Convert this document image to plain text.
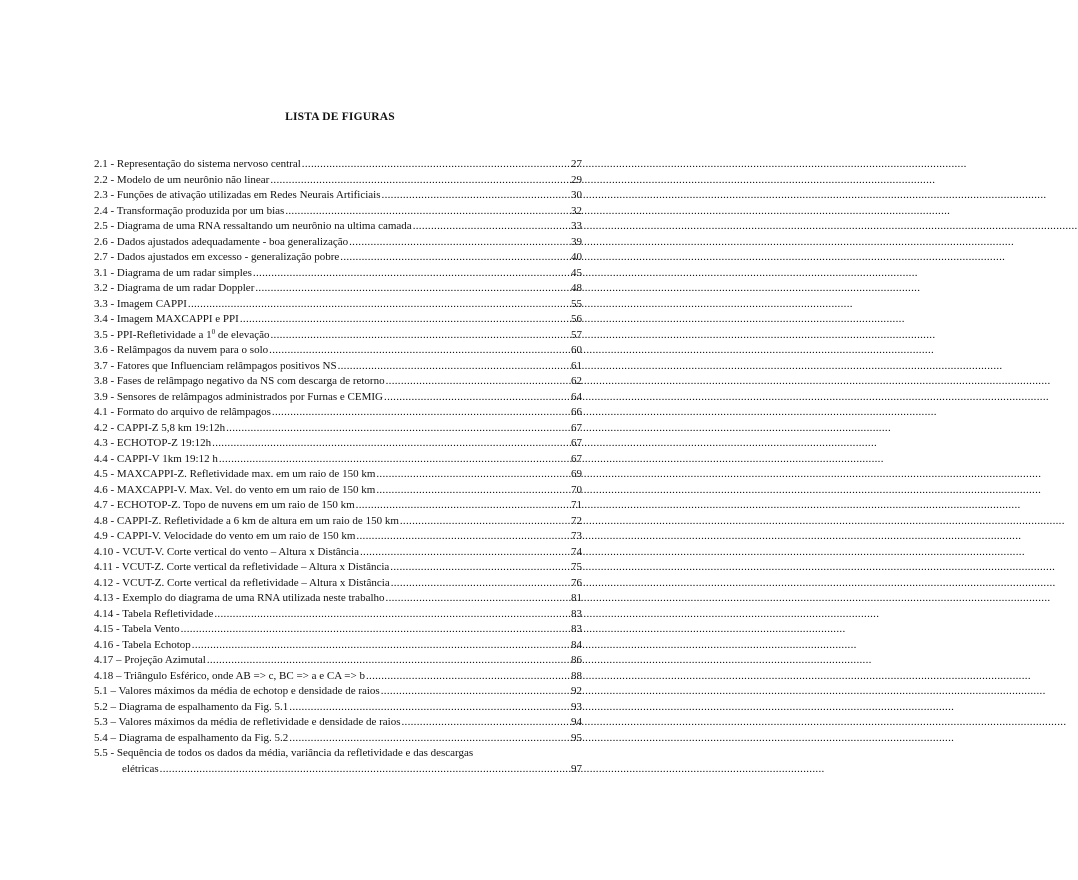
LISTA DE FIGURAS
2.1 - Representação do sistema nervoso central .....	27
2.2 - Modelo de um neurônio não linear .....	29
2.3 - Funções de ativação utilizadas em Redes Neurais Artificiais .....	30
2.4 - Transformação produzida por um bias .....	32
2.5 - Diagrama de uma RNA ressaltando um neurônio na ultima camada .....	33
2.6 - Dados ajustados adequadamente - boa generalização .....	39
2.7 - Dados ajustados em excesso - generalização pobre .....	40
3.1 - Diagrama de um radar simples .....	45
3.2 - Diagrama de um radar Doppler .....	48
3.3 - Imagem CAPPI .....	55
3.4 - Imagem MAXCAPPI e PPI .....	56
3.5 - PPI-Refletividade a $1^0$ de elevação .....	57
3.6 - Relâmpagos da nuvem para o solo .....	60
3.7 - Fatores que Influenciam relâmpagos positivos NS .....	61
3.8 - Fases de relâmpago negativo da NS com descarga de retorno .....	62
3.9 - Sensores de relâmpagos administrados por Furnas e CEMIG .....	64
4.1 - Formato do arquivo de relâmpagos .....	66
4.2 - CAPPI-Z 5,8 km 19:12h .....	67
4.3 - ECHOTOP-Z 19:12h .....	67
4.4 - CAPPI-V 1km 19:12 h .....	67
4.5 - MAXCAPPI-Z. Refletividade max. em um raio de 150 km .....	69
4.6 - MAXCAPPI-V. Max. Vel. do vento em um raio de 150 km .....	70
4.7 - ECHOTOP-Z. Topo de nuvens em um raio de 150 km .....	71
4.8 - CAPPI-Z. Refletividade a 6 km de altura em um raio de 150 km .....	72
4.9 - CAPPI-V. Velocidade do vento em um raio de 150 km .....	73
4.10 - VCUT-V. Corte vertical do vento – Altura x Distância .....	74
4.11 - VCUT-Z. Corte vertical da refletividade – Altura x Distância .....	75
4.12 - VCUT-Z. Corte vertical da refletividade – Altura x Distância .....	76
4.13 - Exemplo do diagrama de uma RNA utilizada neste trabalho .....	81
4.14 - Tabela Refletividade .....	83
4.15 - Tabela Vento .....	83
4.16 - Tabela Echotop .....	84
4.17 – Projeção Azimutal .....	86
4.18 – Triângulo Esférico, onde AB => c, BC => a e CA => b .....	88
5.1 – Valores máximos da média de echotop e densidade de raios .....	92
5.2 – Diagrama de espalhamento da Fig. 5.1 .....	93
5.3 – Valores máximos da média de refletividade e densidade de raios .....	94
5.4 – Diagrama de espalhamento da Fig. 5.2 .....	95
5.5 - Sequência de todos os dados da média, variância da refletividade e das descargas
elétricas .....	97
